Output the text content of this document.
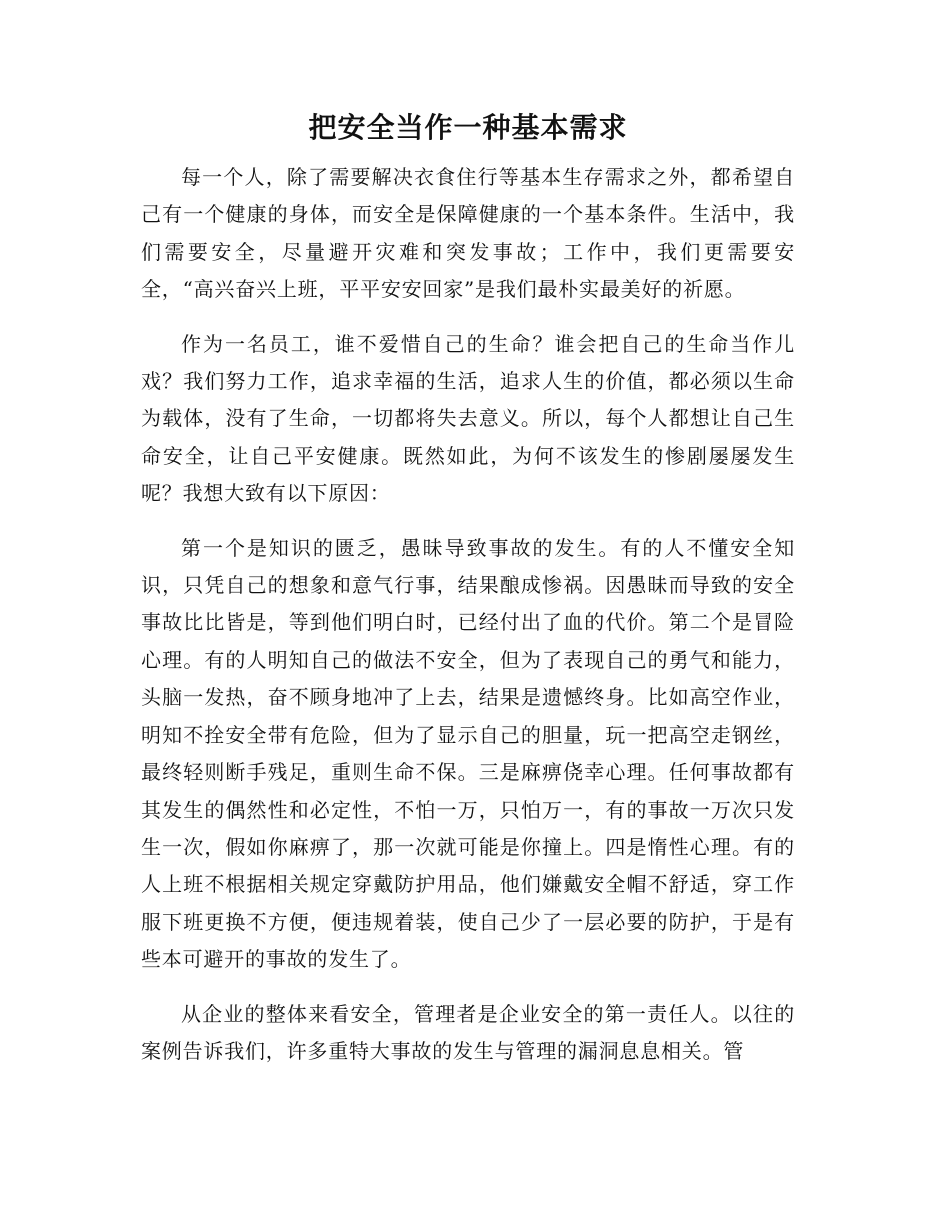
把安全当作一种基本需求

每一个人，除了需要解决衣食住行等基本生存需求之外，都希望自己有一个健康的身体，而安全是保障健康的一个基本条件。生活中，我们需要安全，尽量避开灾难和突发事故；工作中，我们更需要安全，“高兴奋兴上班，平平安安回家”是我们最朴实最美好的祈愿。

作为一名员工，谁不爱惜自己的生命？谁会把自己的生命当作儿戏？我们努力工作，追求幸福的生活，追求人生的价值，都必须以生命为载体，没有了生命，一切都将失去意义。所以，每个人都想让自己生命安全，让自己平安健康。既然如此，为何不该发生的惨剧屡屡发生呢？我想大致有以下原因：

第一个是知识的匮乏，愚昧导致事故的发生。有的人不懂安全知识，只凭自己的想象和意气行事，结果酿成惨祸。因愚昧而导致的安全事故比比皆是，等到他们明白时，已经付出了血的代价。第二个是冒险心理。有的人明知自己的做法不安全，但为了表现自己的勇气和能力，头脑一发热，奋不顾身地冲了上去，结果是遗憾终身。比如高空作业，明知不拴安全带有危险，但为了显示自己的胆量，玩一把高空走钢丝，最终轻则断手残足，重则生命不保。三是麻痹侥幸心理。任何事故都有其发生的偶然性和必定性，不怕一万，只怕万一，有的事故一万次只发生一次，假如你麻痹了，那一次就可能是你撞上。四是惰性心理。有的人上班不根据相关规定穿戴防护用品，他们嫌戴安全帽不舒适，穿工作服下班更换不方便，便违规着装，使自己少了一层必要的防护，于是有些本可避开的事故的发生了。

从企业的整体来看安全，管理者是企业安全的第一责任人。以往的案例告诉我们，许多重特大事故的发生与管理的漏洞息息相关。管
